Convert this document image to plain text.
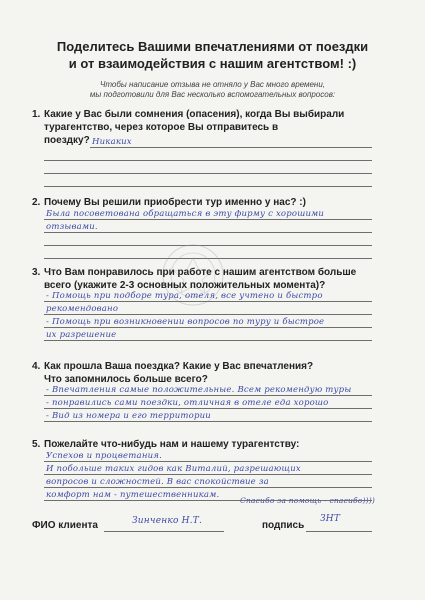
Поделитесь Вашими впечатлениями от поездки
и от взаимодействия с нашим агентством! :)
Чтобы написание отзыва не отняло у Вас много времени,
мы подготовили для Вас несколько вспомогательных вопросов:
1. Какие у Вас были сомнения (опасения), когда Вы выбирали
турагентство, через которое Вы отправитесь в
поездку? Никаких
2. Почему Вы решили приобрести тур именно у нас? :)
Была посоветована обращаться в эту фирму с хорошими
отзывами.
3. Что Вам понравилось при работе с нашим агентством больше
всего (укажите 2-3 основных положительных момента)?
- Помощь при подборе тура, отеля, все учтено и быстро
рекомендовано
- Помощь при возникновении вопросов по туру и быстрое
их разрешение
4. Как прошла Ваша поездка? Какие у Вас впечатления?
Что запомнилось больше всего?
- Впечатления самые положительные. Всем рекомендую туры
- понравились сами поездки, отличная в отеле еда хорошо
- Вид из номера и его территории
5. Пожелайте что-нибудь нам и нашему турагентству:
Успехов и процветания.
И побольше таких гидов как Виталий, разрешающих
вопросов и сложностей. В вас спокойствие за
комфорт нам - путешественникам.
Спасибо за помощь - спасибо))))
ФИО клиента	Зинченко Н.Т.	подпись
ЗНТ
